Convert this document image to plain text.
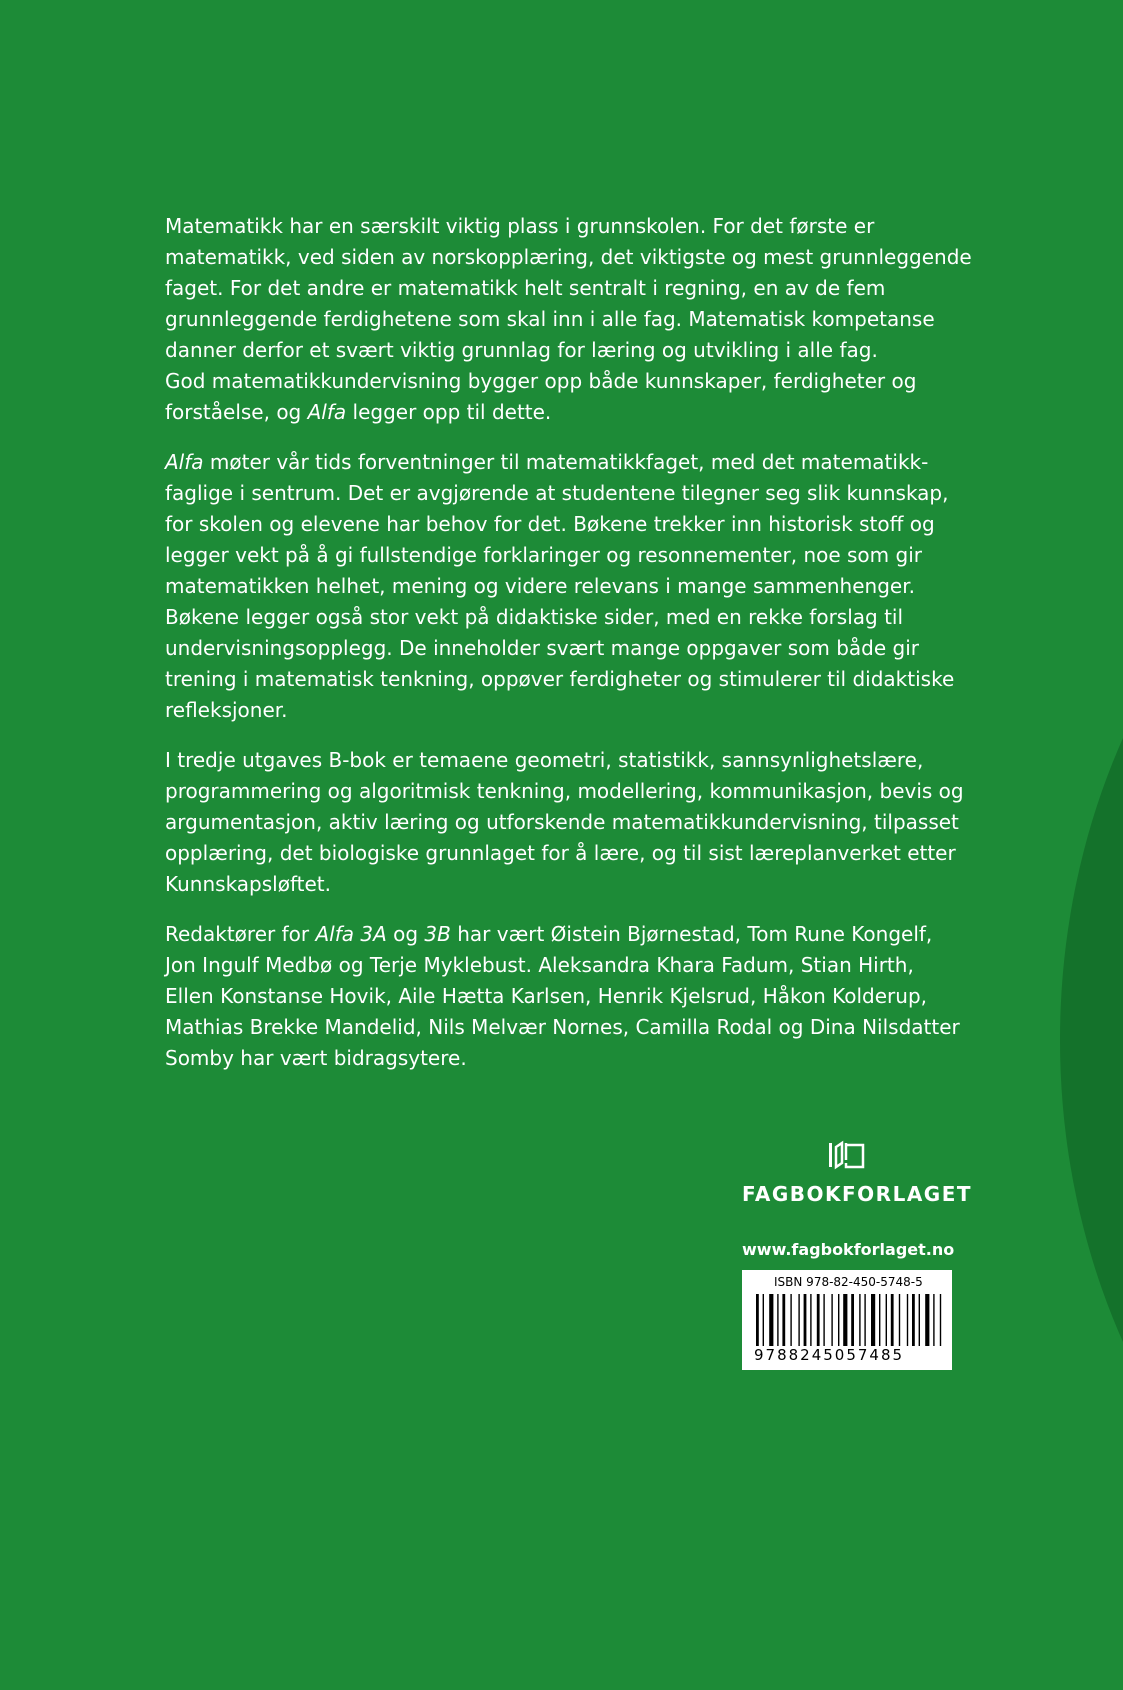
Matematikk har en særskilt viktig plass i grunnskolen. For det første er
matematikk, ved siden av norskopplæring, det viktigste og mest grunnleggende
faget. For det andre er matematikk helt sentralt i regning, en av de fem
grunnleggende ferdighetene som skal inn i alle fag. Matematisk kompetanse
danner derfor et svært viktig grunnlag for læring og utvikling i alle fag.
God matematikkundervisning bygger opp både kunnskaper, ferdigheter og
forståelse, og Alfa legger opp til dette.
Alfa møter vår tids forventninger til matematikkfaget, med det matematikk-
faglige i sentrum. Det er avgjørende at studentene tilegner seg slik kunnskap,
for skolen og elevene har behov for det. Bøkene trekker inn historisk stoff og
legger vekt på å gi fullstendige forklaringer og resonnementer, noe som gir
matematikken helhet, mening og videre relevans i mange sammenhenger.
Bøkene legger også stor vekt på didaktiske sider, med en rekke forslag til
undervisningsopplegg. De inneholder svært mange oppgaver som både gir
trening i matematisk tenkning, oppøver ferdigheter og stimulerer til didaktiske
refleksjoner.
I tredje utgaves B-bok er temaene geometri, statistikk, sannsynlighetslære,
programmering og algoritmisk tenkning, modellering, kommunikasjon, bevis og
argumentasjon, aktiv læring og utforskende matematikkundervisning, tilpasset
opplæring, det biologiske grunnlaget for å lære, og til sist læreplanverket etter
Kunnskapsløftet.
Redaktører for Alfa 3A og 3B har vært Øistein Bjørnestad, Tom Rune Kongelf,
Jon Ingulf Medbø og Terje Myklebust. Aleksandra Khara Fadum, Stian Hirth,
Ellen Konstanse Hovik, Aile Hætta Karlsen, Henrik Kjelsrud, Håkon Kolderup,
Mathias Brekke Mandelid, Nils Melvær Nornes, Camilla Rodal og Dina Nilsdatter
Somby har vært bidragsytere.
FAGBOKFORLAGET
www.fagbokforlaget.no
ISBN 978-82-450-5748-5
9788245057485
